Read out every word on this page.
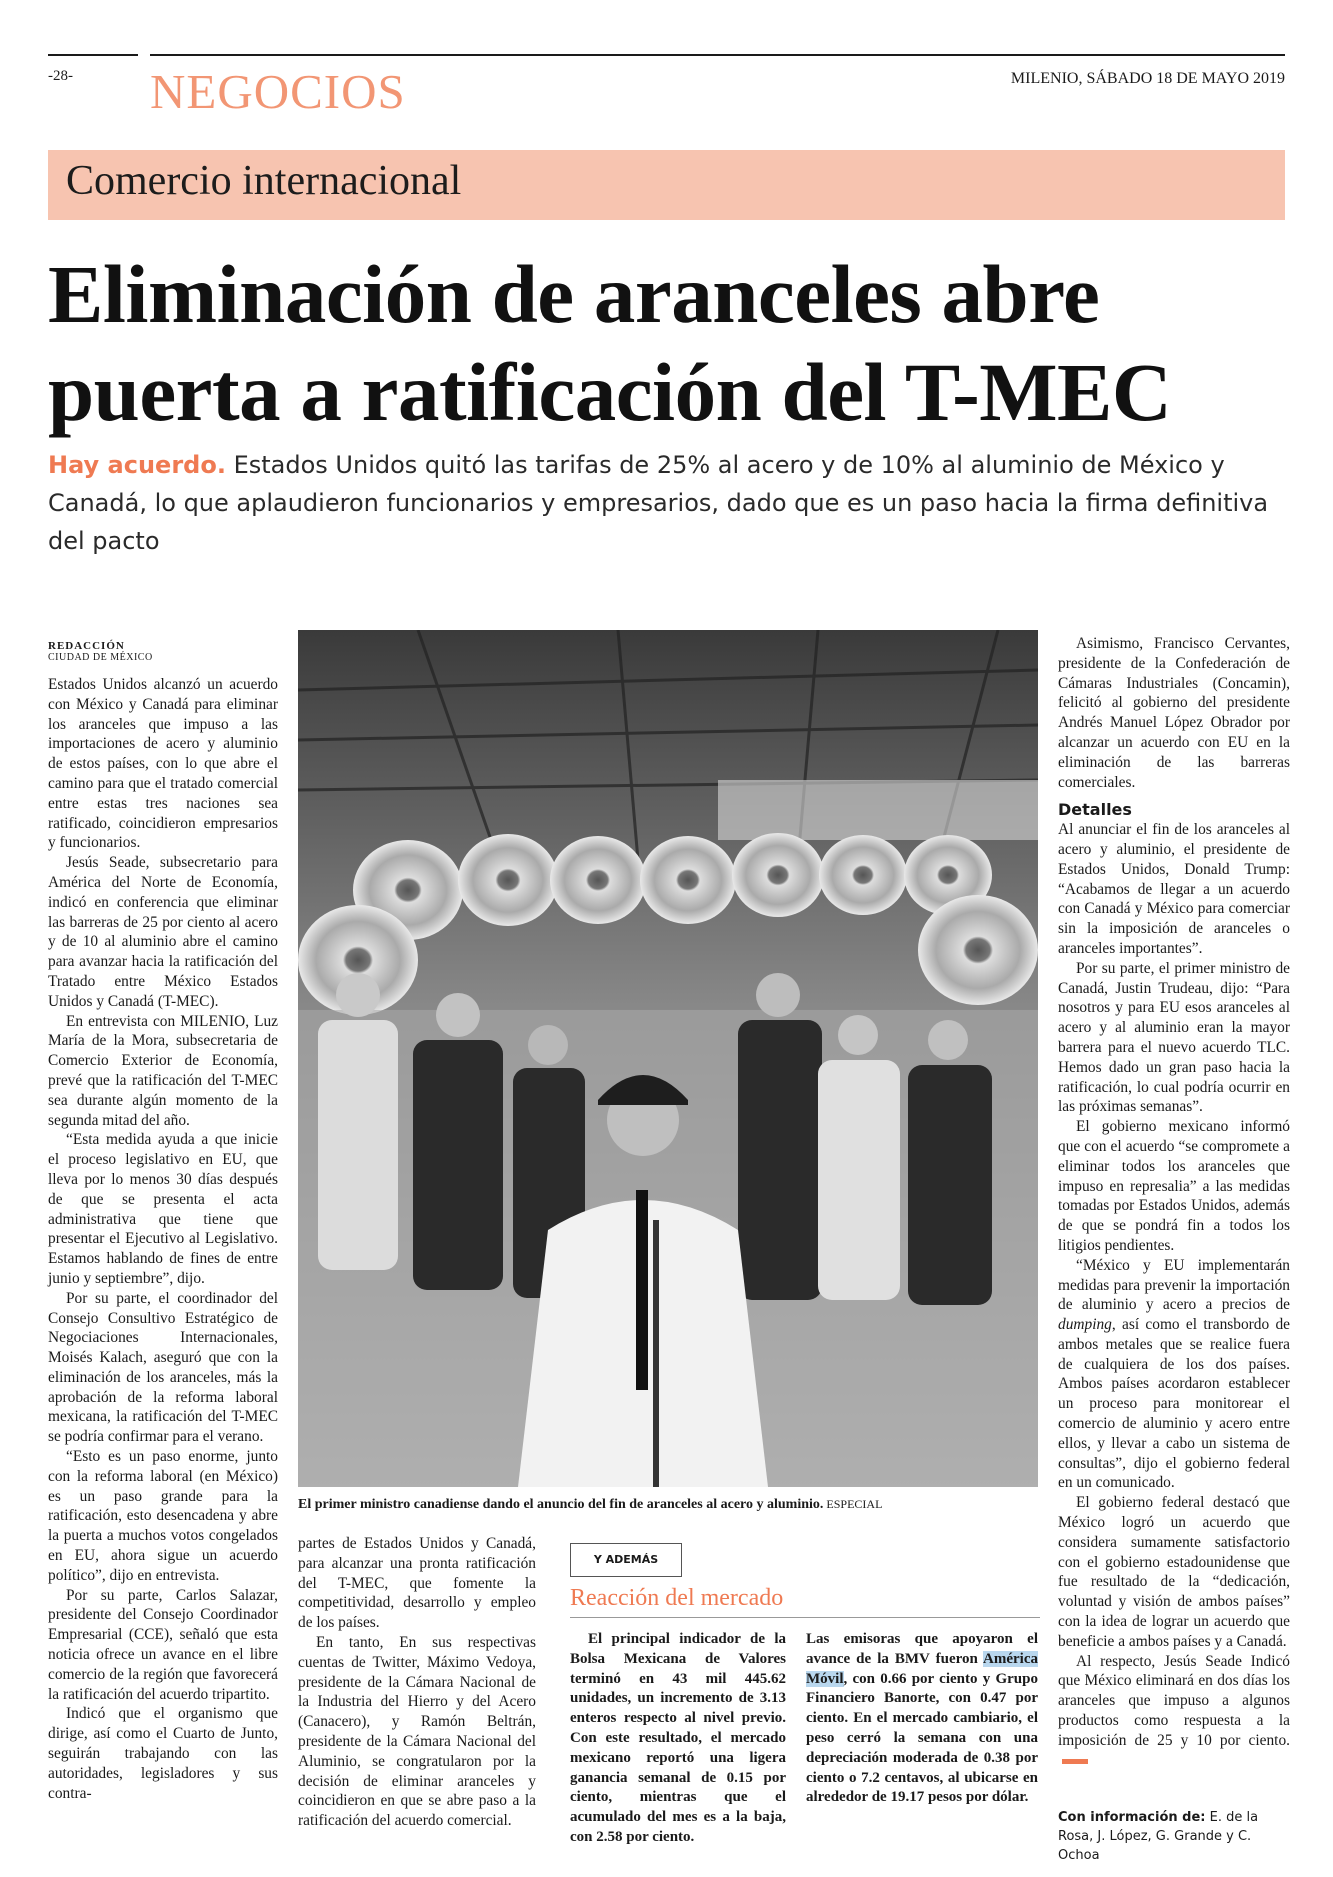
-28- NEGOCIOS	MILENIO, SÁBADO 18 DE MAYO 2019
Comercio internacional
Eliminación de aranceles abre puerta a ratificación del T-MEC
Hay acuerdo. Estados Unidos quitó las tarifas de 25% al acero y de 10% al aluminio de México y Canadá, lo que aplaudieron funcionarios y empresarios, dado que es un paso hacia la firma definitiva del pacto
REDACCIÓN
CIUDAD DE MÉXICO

Estados Unidos alcanzó un acuerdo con México y Canadá para eliminar los aranceles que impuso a las importaciones de acero y aluminio de estos países, con lo que abre el camino para que el tratado comercial entre estas tres naciones sea ratificado, coincidieron empresarios y funcionarios.

Jesús Seade, subsecretario para América del Norte de Economía, indicó en conferencia que eliminar las barreras de 25 por ciento al acero y de 10 al aluminio abre el camino para avanzar hacia la ratificación del Tratado entre México Estados Unidos y Canadá (T-MEC).

En entrevista con MILENIO, Luz María de la Mora, subsecretaria de Comercio Exterior de Economía, prevé que la ratificación del T-MEC sea durante algún momento de la segunda mitad del año.

“Esta medida ayuda a que inicie el proceso legislativo en EU, que lleva por lo menos 30 días después de que se presenta el acta administrativa que tiene que presentar el Ejecutivo al Legislativo. Estamos hablando de fines de entre junio y septiembre”, dijo.

Por su parte, el coordinador del Consejo Consultivo Estratégico de Negociaciones Internacionales, Moisés Kalach, aseguró que con la eliminación de los aranceles, más la aprobación de la reforma laboral mexicana, la ratificación del T-MEC se podría confirmar para el verano.

“Esto es un paso enorme, junto con la reforma laboral (en México) es un paso grande para la ratificación, esto desencadena y abre la puerta a muchos votos congelados en EU, ahora sigue un acuerdo político”, dijo en entrevista.

Por su parte, Carlos Salazar, presidente del Consejo Coordinador Empresarial (CCE), señaló que esta noticia ofrece un avance en el libre comercio de la región que favorecerá la ratificación del acuerdo tripartito.

Indicó que el organismo que dirige, así como el Cuarto de Junto, seguirán trabajando con las autoridades, legisladores y sus contra-

El primer ministro canadiense dando el anuncio del fin de aranceles al acero y aluminio. ESPECIAL

partes de Estados Unidos y Canadá, para alcanzar una pronta ratificación del T-MEC, que fomente la competitividad, desarrollo y empleo de los países.

En tanto, En sus respectivas cuentas de Twitter, Máximo Vedoya, presidente de la Cámara Nacional de la Industria del Hierro y del Acero (Canacero), y Ramón Beltrán, presidente de la Cámara Nacional del Aluminio, se congratularon por la decisión de eliminar aranceles y coincidieron en que se abre paso a la ratificación del acuerdo comercial.

Y ADEMÁS
Reacción del mercado

El principal indicador de la Bolsa Mexicana de Valores terminó en 43 mil 445.62 unidades, un incremento de 3.13 enteros respecto al nivel previo. Con este resultado, el mercado mexicano reportó una ligera ganancia semanal de 0.15 por ciento, mientras que el acumulado del mes es a la baja, con 2.58 por ciento.

Las emisoras que apoyaron el avance de la BMV fueron América Móvil, con 0.66 por ciento y Grupo Financiero Banorte, con 0.47 por ciento. En el mercado cambiario, el peso cerró la semana con una depreciación moderada de 0.38 por ciento o 7.2 centavos, al ubicarse en alrededor de 19.17 pesos por dólar.

Asimismo, Francisco Cervantes, presidente de la Confederación de Cámaras Industriales (Concamin), felicitó al gobierno del presidente Andrés Manuel López Obrador por alcanzar un acuerdo con EU en la eliminación de las barreras comerciales.

Detalles

Al anunciar el fin de los aranceles al acero y aluminio, el presidente de Estados Unidos, Donald Trump: “Acabamos de llegar a un acuerdo con Canadá y México para comerciar sin la imposición de aranceles o aranceles importantes”.

Por su parte, el primer ministro de Canadá, Justin Trudeau, dijo: “Para nosotros y para EU esos aranceles al acero y al aluminio eran la mayor barrera para el nuevo acuerdo TLC. Hemos dado un gran paso hacia la ratificación, lo cual podría ocurrir en las próximas semanas”.

El gobierno mexicano informó que con el acuerdo “se compromete a eliminar todos los aranceles que impuso en represalia” a las medidas tomadas por Estados Unidos, además de que se pondrá fin a todos los litigios pendientes.

“México y EU implementarán medidas para prevenir la importación de aluminio y acero a precios de dumping, así como el transbordo de ambos metales que se realice fuera de cualquiera de los dos países. Ambos países acordaron establecer un proceso para monitorear el comercio de aluminio y acero entre ellos, y llevar a cabo un sistema de consultas”, dijo el gobierno federal en un comunicado.

El gobierno federal destacó que México logró un acuerdo que considera sumamente satisfactorio con el gobierno estadounidense que fue resultado de la “dedicación, voluntad y visión de ambos países” con la idea de lograr un acuerdo que beneficie a ambos países y a Canadá.

Al respecto, Jesús Seade Indicó que México eliminará en dos días los aranceles que impuso a algunos productos como respuesta a la imposición de 25 y 10 por ciento.

Con información de: E. de la Rosa, J. López, G. Grande y C. Ochoa
